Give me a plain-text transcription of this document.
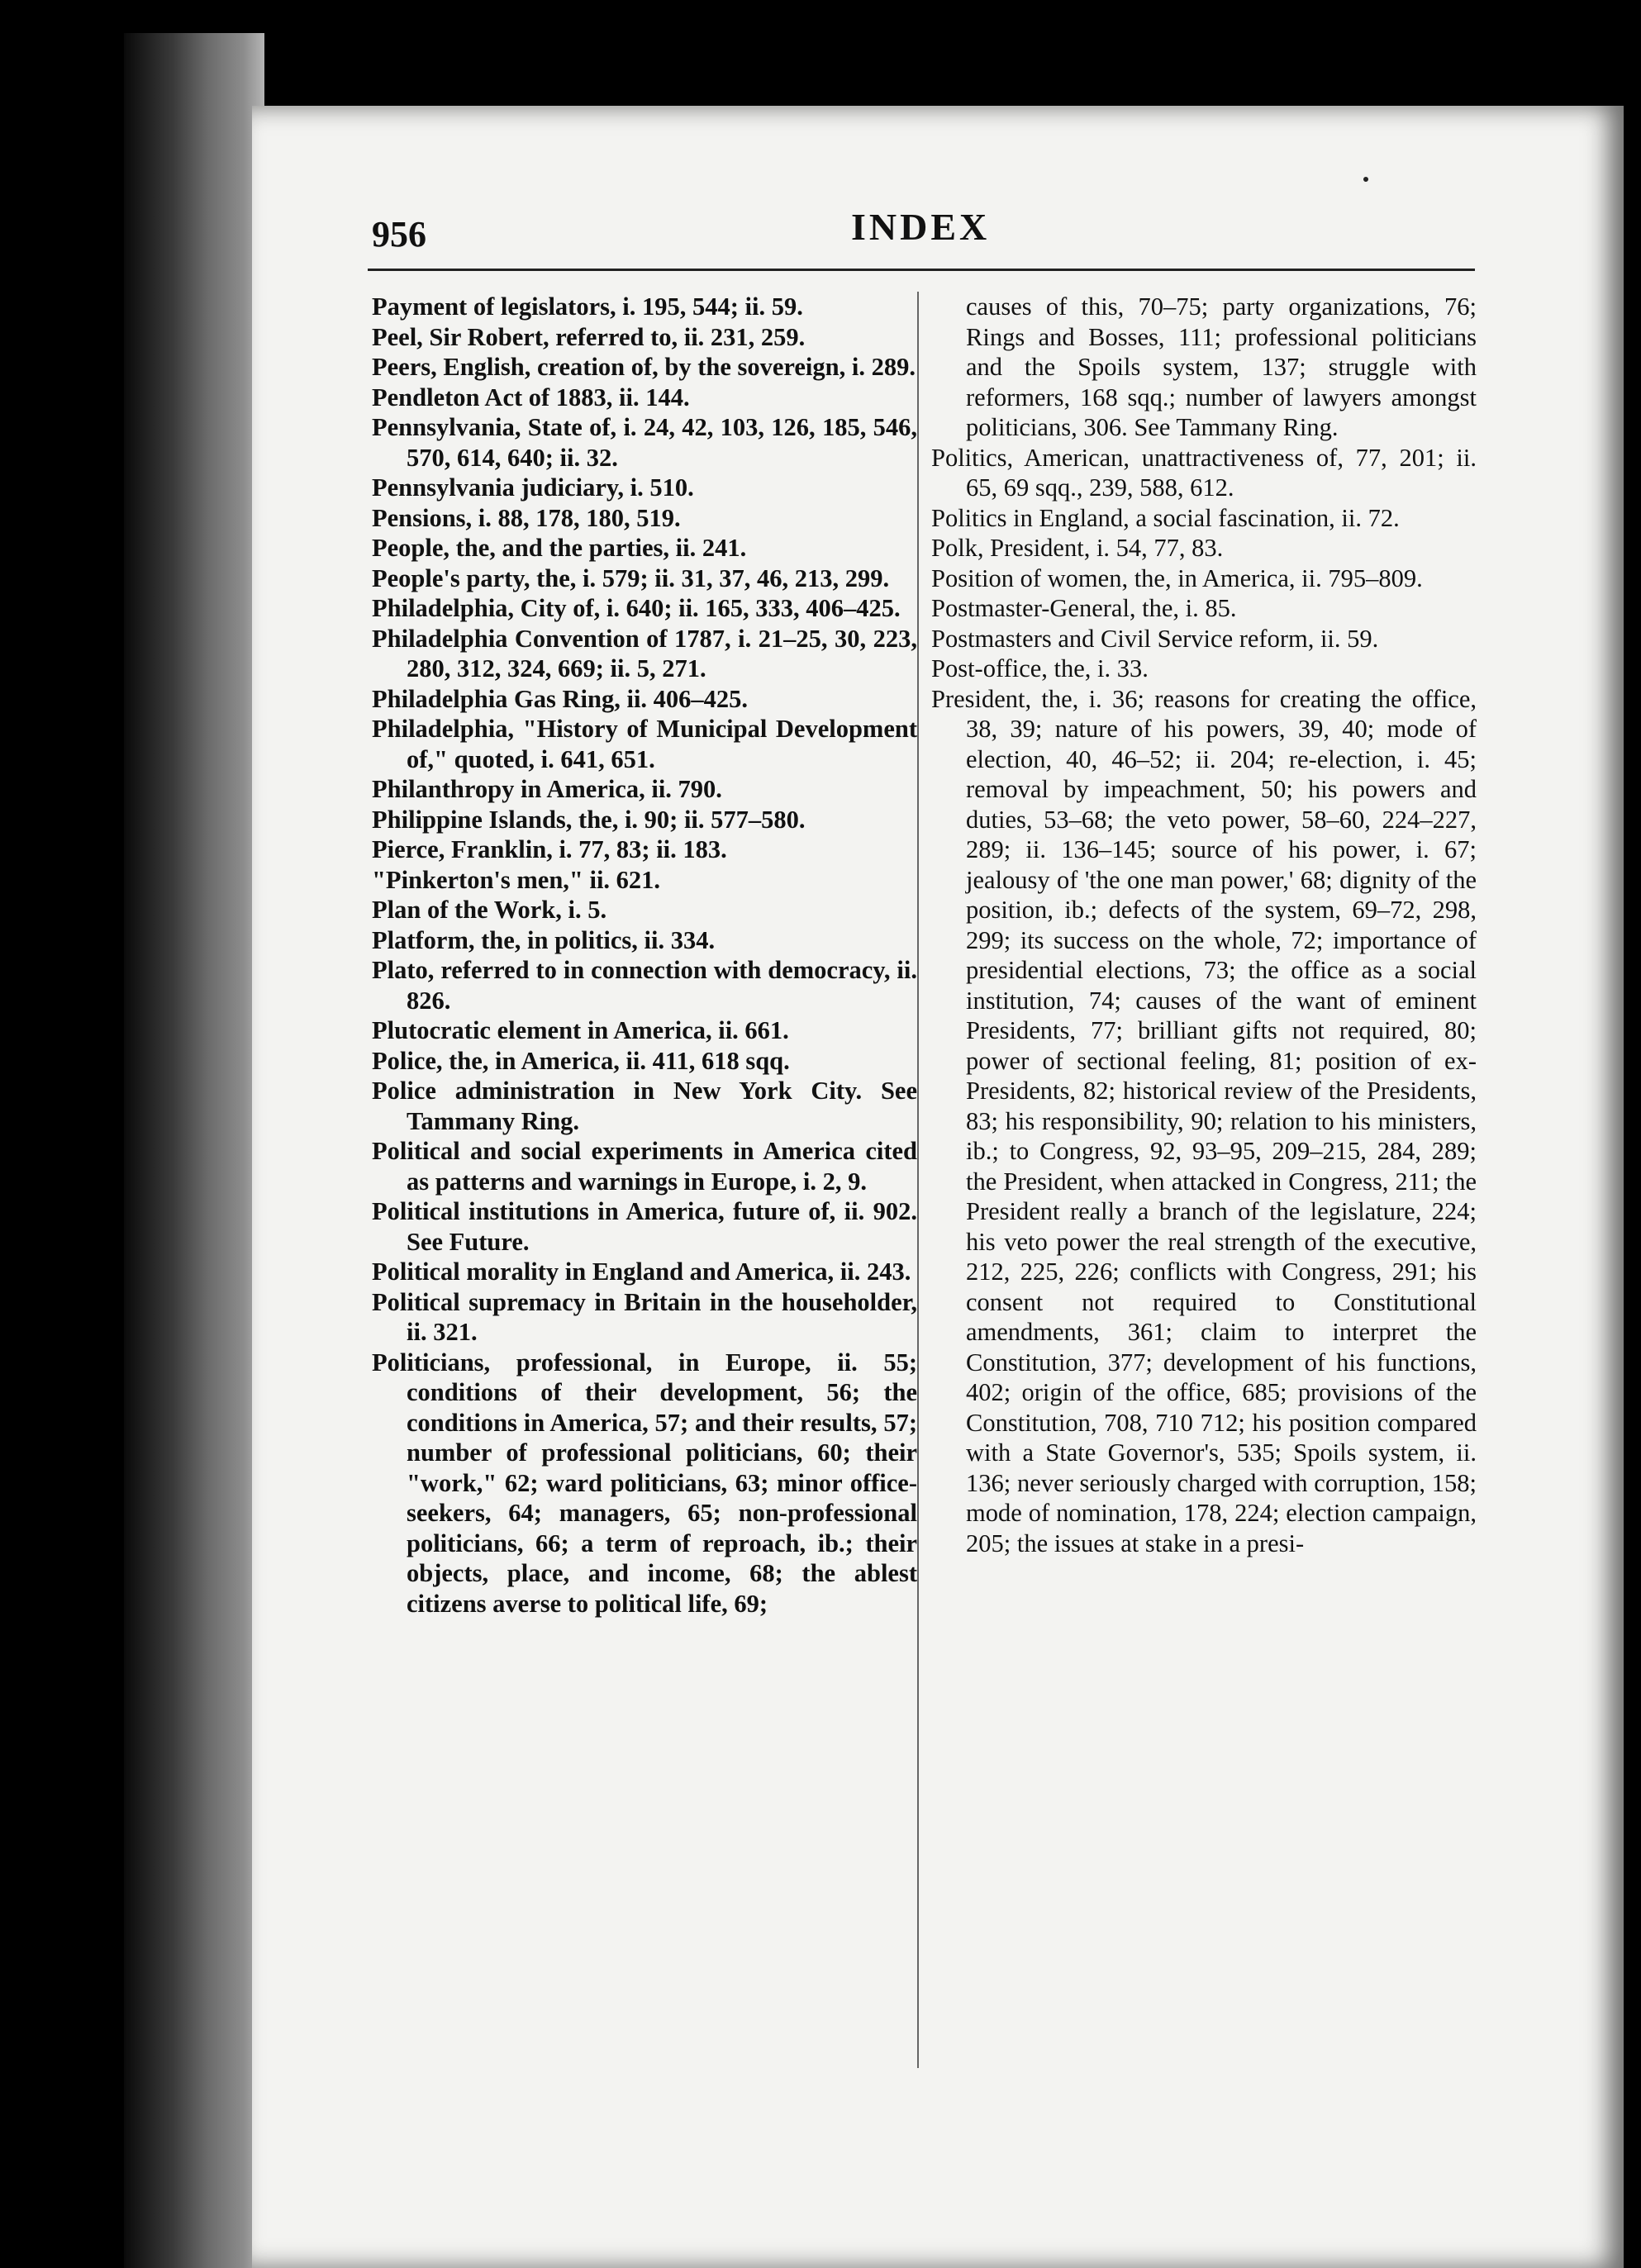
956	INDEX

Payment of legislators, i. 195, 544; ii. 59.

Peel, Sir Robert, referred to, ii. 231, 259.

Peers, English, creation of, by the sovereign, i. 289.

Pendleton Act of 1883, ii. 144.

Pennsylvania, State of, i. 24, 42, 103, 126, 185, 546, 570, 614, 640; ii. 32.

Pennsylvania judiciary, i. 510.

Pensions, i. 88, 178, 180, 519.

People, the, and the parties, ii. 241.

People's party, the, i. 579; ii. 31, 37, 46, 213, 299.

Philadelphia, City of, i. 640; ii. 165, 333, 406–425.

Philadelphia Convention of 1787, i. 21–25, 30, 223, 280, 312, 324, 669; ii. 5, 271.

Philadelphia Gas Ring, ii. 406–425.

Philadelphia, "History of Municipal Development of," quoted, i. 641, 651.

Philanthropy in America, ii. 790.

Philippine Islands, the, i. 90; ii. 577–580.

Pierce, Franklin, i. 77, 83; ii. 183.

"Pinkerton's men," ii. 621.

Plan of the Work, i. 5.

Platform, the, in politics, ii. 334.

Plato, referred to in connection with democracy, ii. 826.

Plutocratic element in America, ii. 661.

Police, the, in America, ii. 411, 618 sqq.

Police administration in New York City. See Tammany Ring.

Political and social experiments in America cited as patterns and warnings in Europe, i. 2, 9.

Political institutions in America, future of, ii. 902. See Future.

Political morality in England and America, ii. 243.

Political supremacy in Britain in the householder, ii. 321.

Politicians, professional, in Europe, ii. 55; conditions of their development, 56; the conditions in America, 57; and their results, 57; number of professional politicians, 60; their "work," 62; ward politicians, 63; minor office-seekers, 64; managers, 65; non-professional politicians, 66; a term of reproach, ib.; their objects, place, and income, 68; the ablest citizens averse to political life, 69;

causes of this, 70–75; party organizations, 76; Rings and Bosses, 111; professional politicians and the Spoils system, 137; struggle with reformers, 168 sqq.; number of lawyers amongst politicians, 306. See Tammany Ring.

Politics, American, unattractiveness of, 77, 201; ii. 65, 69 sqq., 239, 588, 612.

Politics in England, a social fascination, ii. 72.

Polk, President, i. 54, 77, 83.

Position of women, the, in America, ii. 795–809.

Postmaster-General, the, i. 85.

Postmasters and Civil Service reform, ii. 59.

Post-office, the, i. 33.

President, the, i. 36; reasons for creating the office, 38, 39; nature of his powers, 39, 40; mode of election, 40, 46–52; ii. 204; re-election, i. 45; removal by impeachment, 50; his powers and duties, 53–68; the veto power, 58–60, 224–227, 289; ii. 136–145; source of his power, i. 67; jealousy of 'the one man power,' 68; dignity of the position, ib.; defects of the system, 69–72, 298, 299; its success on the whole, 72; importance of presidential elections, 73; the office as a social institution, 74; causes of the want of eminent Presidents, 77; brilliant gifts not required, 80; power of sectional feeling, 81; position of ex-Presidents, 82; historical review of the Presidents, 83; his responsibility, 90; relation to his ministers, ib.; to Congress, 92, 93–95, 209–215, 284, 289; the President, when attacked in Congress, 211; the President really a branch of the legislature, 224; his veto power the real strength of the executive, 212, 225, 226; conflicts with Congress, 291; his consent not required to Constitutional amendments, 361; claim to interpret the Constitution, 377; development of his functions, 402; origin of the office, 685; provisions of the Constitution, 708, 710 712; his position compared with a State Governor's, 535; Spoils system, ii. 136; never seriously charged with corruption, 158; mode of nomination, 178, 224; election campaign, 205; the issues at stake in a presi-
